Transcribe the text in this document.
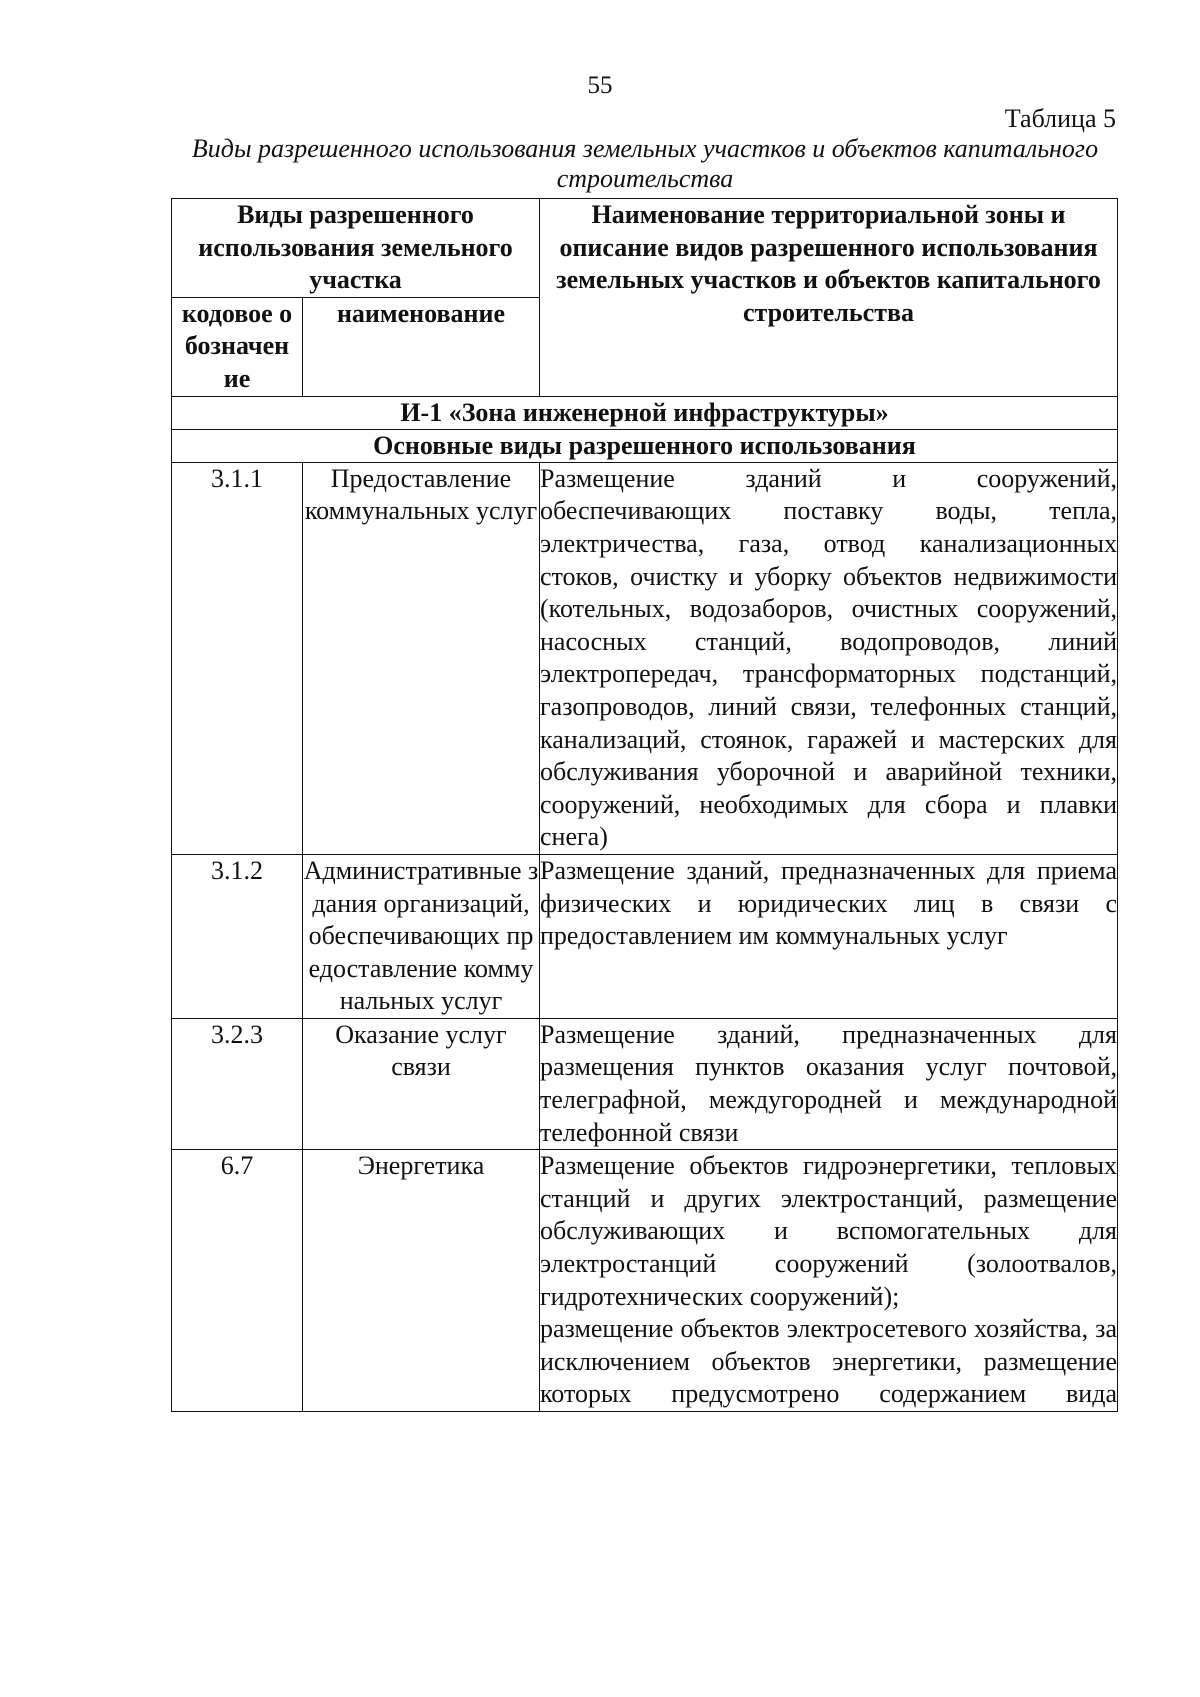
55
Таблица 5
Виды разрешенного использования земельных участков и объектов капитального строительства
Виды разрешенного использования земельного участка		Наименование территориальной зоны и описание видов разрешенного использования земельных участков и объектов капитального строительства
кодовое обозначение	наименование	
И-1 «Зона инженерной инфраструктуры»		
Основные виды разрешенного использования		
3.1.1	Предоставление коммунальных услуг	Размещение зданий и сооружений, обеспечивающих поставку воды, тепла, электричества, газа, отвод канализационных стоков, очистку и уборку объектов недвижимости (котельных, водозаборов, очистных сооружений, насосных станций, водопроводов, линий электропередач, трансформаторных подстанций, газопроводов, линий связи, телефонных станций, канализаций, стоянок, гаражей и мастерских для обслуживания уборочной и аварийной техники, сооружений, необходимых для сбора и плавки снега)

3.1.2	Административные здания организаций, обеспечивающих предоставление коммунальных услуг	Размещение зданий, предназначенных для приема физических и юридических лиц в связи с предоставлением им коммунальных услуг

3.2.3	Оказание услуг связи	Размещение зданий, предназначенных для размещения пунктов оказания услуг почтовой, телеграфной, междугородней и международной телефонной связи

6.7	Энергетика	Размещение объектов гидроэнергетики, тепловых станций и других электростанций, размещение обслуживающих и вспомогательных для электростанций сооружений (золоотвалов, гидротехнических сооружений);
размещение объектов электросетевого хозяйства, за исключением объектов энергетики, размещение которых предусмотрено содержанием вида
